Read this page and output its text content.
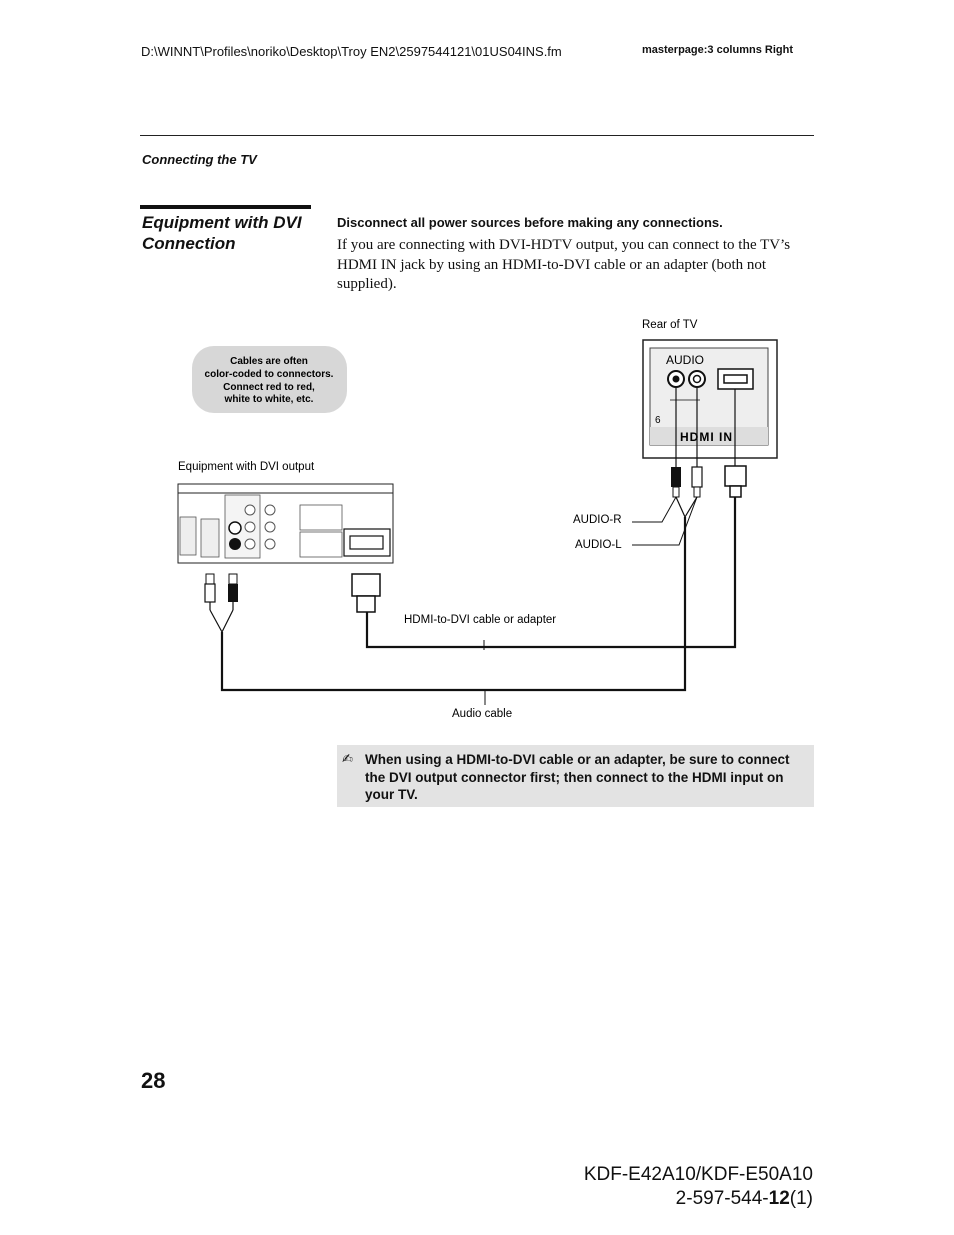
D:\WINNT\Profiles\noriko\Desktop\Troy EN2\2597544121\01US04INS.fm	masterpage:3 columns Right
Connecting the TV
Equipment with DVI Connection
Disconnect all power sources before making any connections.
If you are connecting with DVI-HDTV output, you can connect to the TV’s HDMI IN jack by using an HDMI-to-DVI cable or an adapter (both not supplied).
Cables are often
color-coded to connectors.
Connect red to red,
white to white, etc.
Rear of TV
AUDIO
6
HDMI IN
Equipment with DVI output
AUDIO-R
AUDIO-L
HDMI-to-DVI cable or adapter
Audio cable
✍ When using a HDMI-to-DVI cable or an adapter, be sure to connect the DVI output connector first; then connect to the HDMI input on your TV.
28
KDF-E42A10/KDF-E50A10
2-597-544-12(1)
